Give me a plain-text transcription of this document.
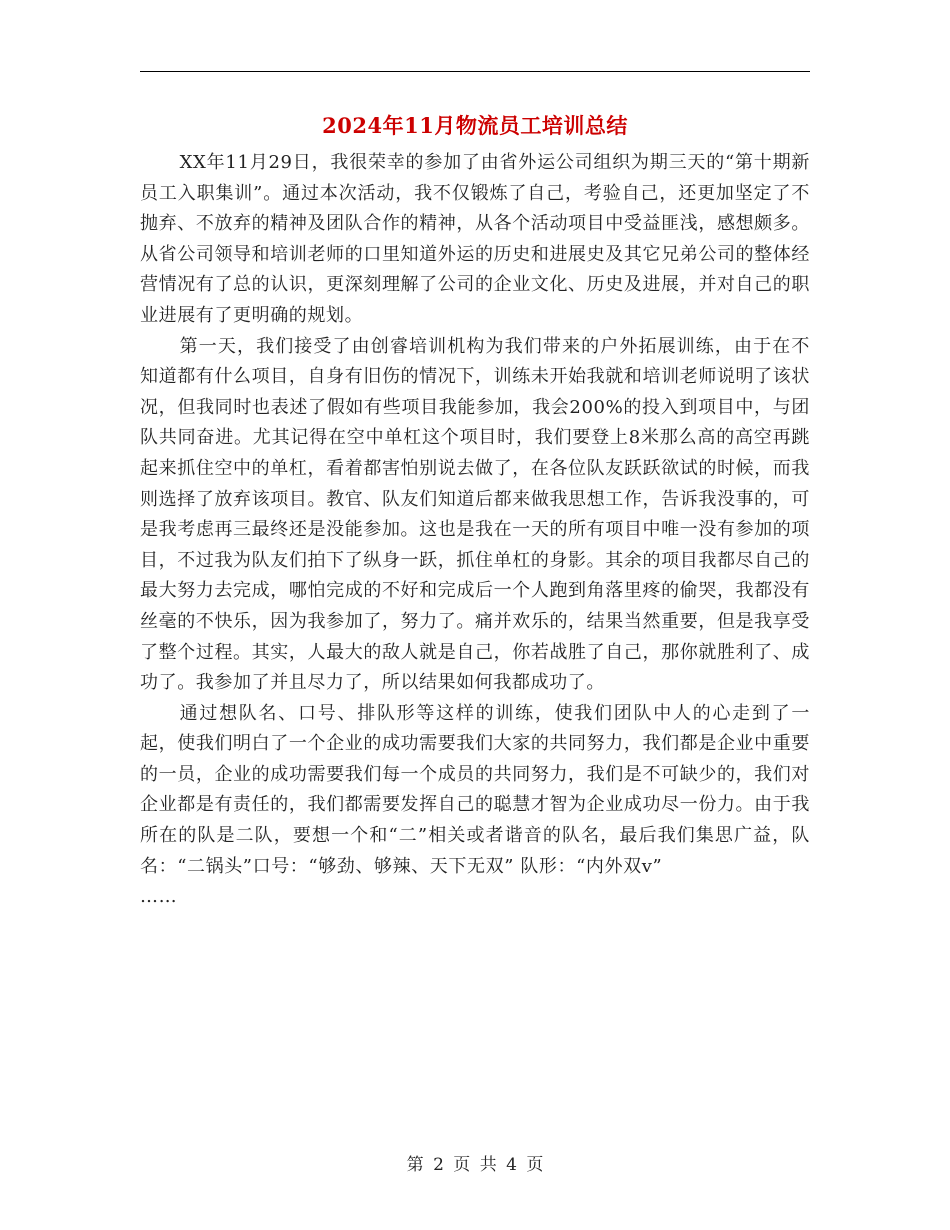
2024年11月物流员工培训总结

XX年11月29日，我很荣幸的参加了由省外运公司组织为期三天的“第十期新员工入职集训”。通过本次活动，我不仅锻炼了自己，考验自己，还更加坚定了不抛弃、不放弃的精神及团队合作的精神，从各个活动项目中受益匪浅，感想颇多。从省公司领导和培训老师的口里知道外运的历史和进展史及其它兄弟公司的整体经营情况有了总的认识，更深刻理解了公司的企业文化、历史及进展，并对自己的职业进展有了更明确的规划。

第一天，我们接受了由创睿培训机构为我们带来的户外拓展训练，由于在不知道都有什么项目，自身有旧伤的情况下，训练未开始我就和培训老师说明了该状况，但我同时也表述了假如有些项目我能参加，我会200%的投入到项目中，与团队共同奋进。尤其记得在空中单杠这个项目时，我们要登上8米那么高的高空再跳起来抓住空中的单杠，看着都害怕别说去做了，在各位队友跃跃欲试的时候，而我则选择了放弃该项目。教官、队友们知道后都来做我思想工作，告诉我没事的，可是我考虑再三最终还是没能参加。这也是我在一天的所有项目中唯一没有参加的项目，不过我为队友们拍下了纵身一跃，抓住单杠的身影。其余的项目我都尽自己的最大努力去完成，哪怕完成的不好和完成后一个人跑到角落里疼的偷哭，我都没有丝毫的不快乐，因为我参加了，努力了。痛并欢乐的，结果当然重要，但是我享受了整个过程。其实，人最大的敌人就是自己，你若战胜了自己，那你就胜利了、成功了。我参加了并且尽力了，所以结果如何我都成功了。

通过想队名、口号、排队形等这样的训练，使我们团队中人的心走到了一起，使我们明白了一个企业的成功需要我们大家的共同努力，我们都是企业中重要的一员，企业的成功需要我们每一个成员的共同努力，我们是不可缺少的，我们对企业都是有责任的，我们都需要发挥自己的聪慧才智为企业成功尽一份力。由于我所在的队是二队，要想一个和“二”相关或者谐音的队名，最后我们集思广益，队名：“二锅头”口号：“够劲、够辣、天下无双” 队形：“内外双v”

……

第 2 页 共 4 页
